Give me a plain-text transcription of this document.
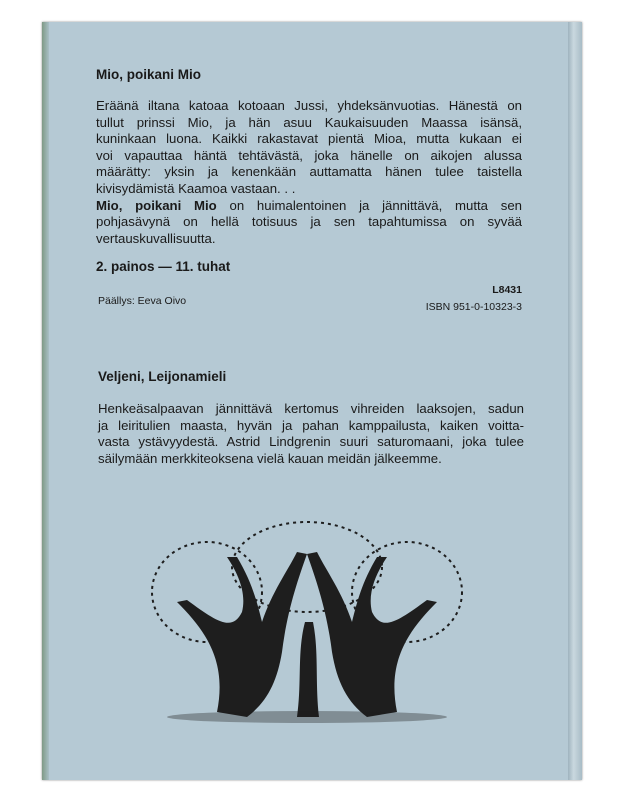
Mio, poikani Mio
Eräänä iltana katoaa kotoaan Jussi, yhdeksänvuotias. Hänestä on
tullut prinssi Mio, ja hän asuu Kaukaisuuden Maassa isänsä,
kuninkaan luona. Kaikki rakastavat pientä Mioa, mutta kukaan ei
voi vapauttaa häntä tehtävästä, joka hänelle on aikojen alussa
määrätty: yksin ja kenenkään auttamatta hänen tulee taistella
kivisydämistä Kaamoa vastaan. . .
Mio, poikani Mio on huimalentoinen ja jännittävä, mutta sen
pohjasävynä on hellä totisuus ja sen tapahtumissa on syvää
vertauskuvallisuutta.
2. painos — 11. tuhat
Päällys: Eeva Oivo
L8431
ISBN 951-0-10323-3
Veljeni, Leijonamieli
Henkeäsalpaavan jännittävä kertomus vihreiden laaksojen, sadun
ja leiritulien maasta, hyvän ja pahan kamppailusta, kaiken voitta-
vasta ystävyydestä. Astrid Lindgrenin suuri saturomaani, joka tulee
säilymään merkkiteoksena vielä kauan meidän jälkeemme.
